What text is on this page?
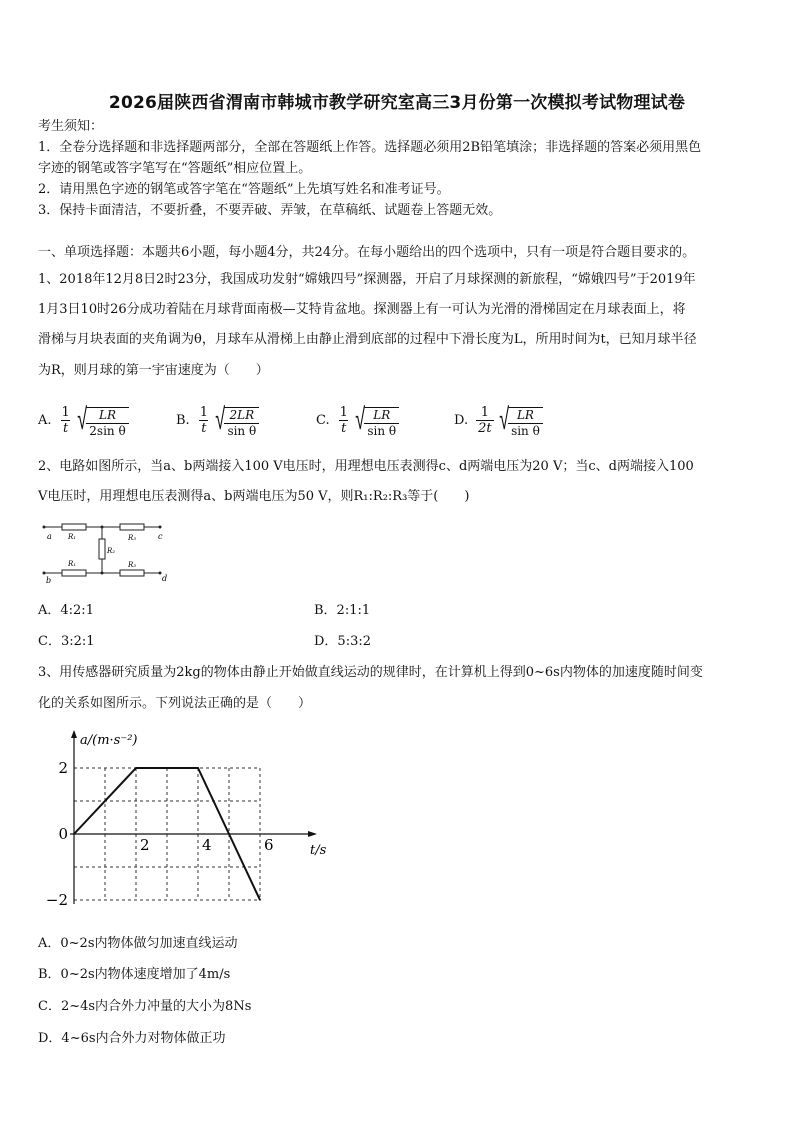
2026届陕西省渭南市韩城市教学研究室高三3月份第一次模拟考试物理试卷
考生须知：
1．全卷分选择题和非选择题两部分，全部在答题纸上作答。选择题必须用2B铅笔填涂；非选择题的答案必须用黑色
字迹的钢笔或答字笔写在“答题纸”相应位置上。
2．请用黑色字迹的钢笔或答字笔在“答题纸”上先填写姓名和准考证号。
3．保持卡面清洁，不要折叠，不要弄破、弄皱，在草稿纸、试题卷上答题无效。
一、单项选择题：本题共6小题，每小题4分，共24分。在每小题给出的四个选项中，只有一项是符合题目要求的。
1、2018年12月8日2时23分，我国成功发射“嫦娥四号”探测器，开启了月球探测的新旅程，“嫦娥四号”于2019年
1月3日10时26分成功着陆在月球背面南极—艾特肯盆地。探测器上有一可认为光滑的滑梯固定在月球表面上，将
滑梯与月块表面的夹角调为θ，月球车从滑梯上由静止滑到底部的过程中下滑长度为L，所用时间为t，已知月球半径
为R，则月球的第一宇宙速度为（　　）
A. $\frac{1}{t}$ √ $\frac{LR}{\text{2sin θ}}$	B. $\frac{1}{t}$ √ $\frac{2LR}{\text{sin θ}}$	C. $\frac{1}{t}$ √ $\frac{LR}{\text{sin θ}}$	D. $\frac{1}{2t}$ √ $\frac{LR}{\text{sin θ}}$
2、电路如图所示，当a、b两端接入100 V电压时，用理想电压表测得c、d两端电压为20 V；当c、d两端接入100
V电压时，用理想电压表测得a、b两端电压为50 V，则R₁:R₂:R₃等于(　　)
a	c
b	d
R₁	R₃
R₂
R₁	R₃
A．4:2:1	B．2:1:1
C．3:2:1	D．5:3:2
3、用传感器研究质量为2kg的物体由静止开始做直线运动的规律时，在计算机上得到0~6s内物体的加速度随时间变
化的关系如图所示。下列说法正确的是（　　）
a/(m·s⁻²)
t/s
2	4	6
2
0
−2
A．0~2s内物体做匀加速直线运动
B．0~2s内物体速度增加了4m/s
C．2~4s内合外力冲量的大小为8Ns
D．4~6s内合外力对物体做正功
